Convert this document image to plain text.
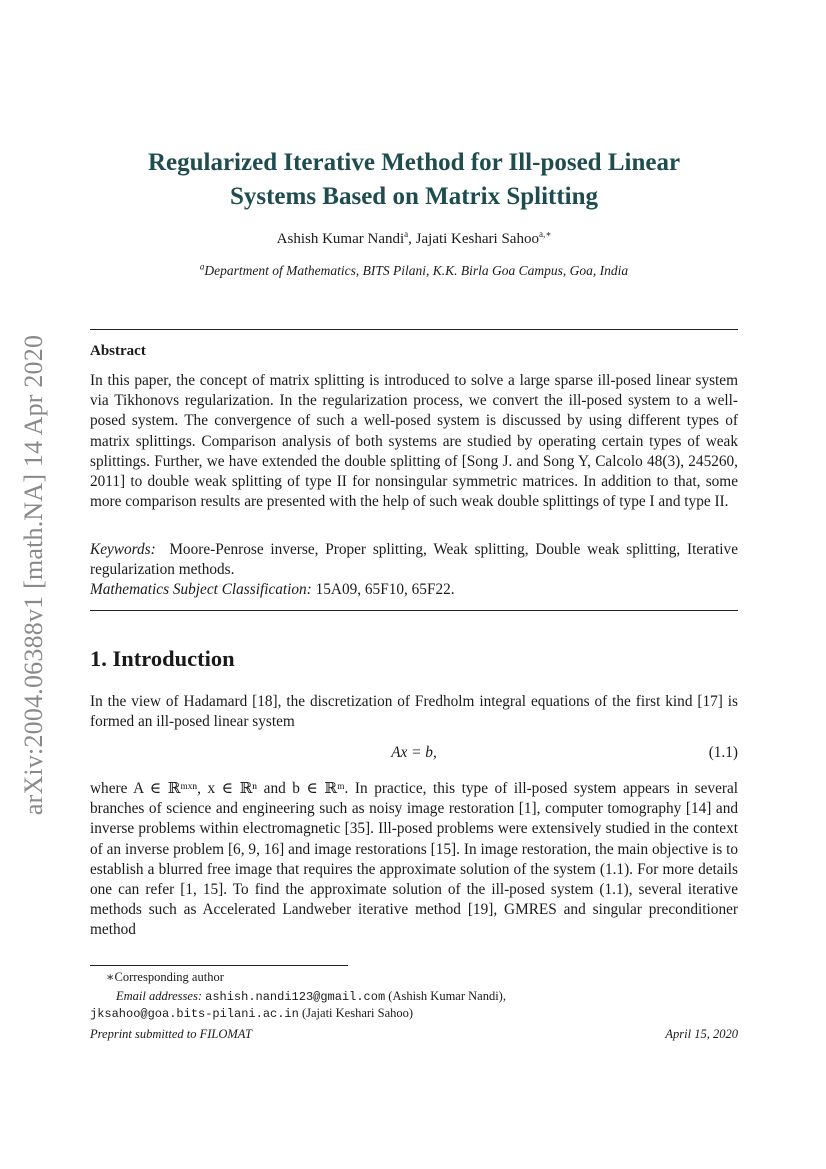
arXiv:2004.06388v1 [math.NA] 14 Apr 2020
Regularized Iterative Method for Ill-posed Linear
Systems Based on Matrix Splitting
Ashish Kumar Nandi$^a$, Jajati Keshari Sahoo$^{a,∗}$
$^a$Department of Mathematics, BITS Pilani, K.K. Birla Goa Campus, Goa, India
Abstract
In this paper, the concept of matrix splitting is introduced to solve a large sparse ill-posed linear system via Tikhonovs regularization. In the regularization process, we convert the ill-posed system to a well-posed system. The convergence of such a well-posed system is discussed by using different types of matrix splittings. Comparison analysis of both systems are studied by operating certain types of weak splittings. Further, we have extended the double splitting of [Song J. and Song Y, Calcolo 48(3), 245260, 2011] to double weak splitting of type II for nonsingular symmetric matrices. In addition to that, some more comparison results are presented with the help of such weak double splittings of type I and type II.
Keywords: Moore-Penrose inverse, Proper splitting, Weak splitting, Double weak splitting, Iterative regularization methods.
Mathematics Subject Classification: 15A09, 65F10, 65F22.
1. Introduction
In the view of Hadamard [18], the discretization of Fredholm integral equations of the first kind [17] is formed an ill-posed linear system
Ax = b,	(1.1)
where A ∈ ℝᵐˣⁿ, x ∈ ℝⁿ and b ∈ ℝᵐ. In practice, this type of ill-posed system appears in several branches of science and engineering such as noisy image restoration [1], computer tomography [14] and inverse problems within electromagnetic [35]. Ill-posed problems were extensively studied in the context of an inverse problem [6, 9, 16] and image restorations [15]. In image restoration, the main objective is to establish a blurred free image that requires the approximate solution of the system (1.1). For more details one can refer [1, 15]. To find the approximate solution of the ill-posed system (1.1), several iterative methods such as Accelerated Landweber iterative method [19], GMRES and singular preconditioner method
∗Corresponding author
Email addresses: ashish.nandi123@gmail.com (Ashish Kumar Nandi),
jksahoo@goa.bits-pilani.ac.in (Jajati Keshari Sahoo)
Preprint submitted to FILOMAT	April 15, 2020
